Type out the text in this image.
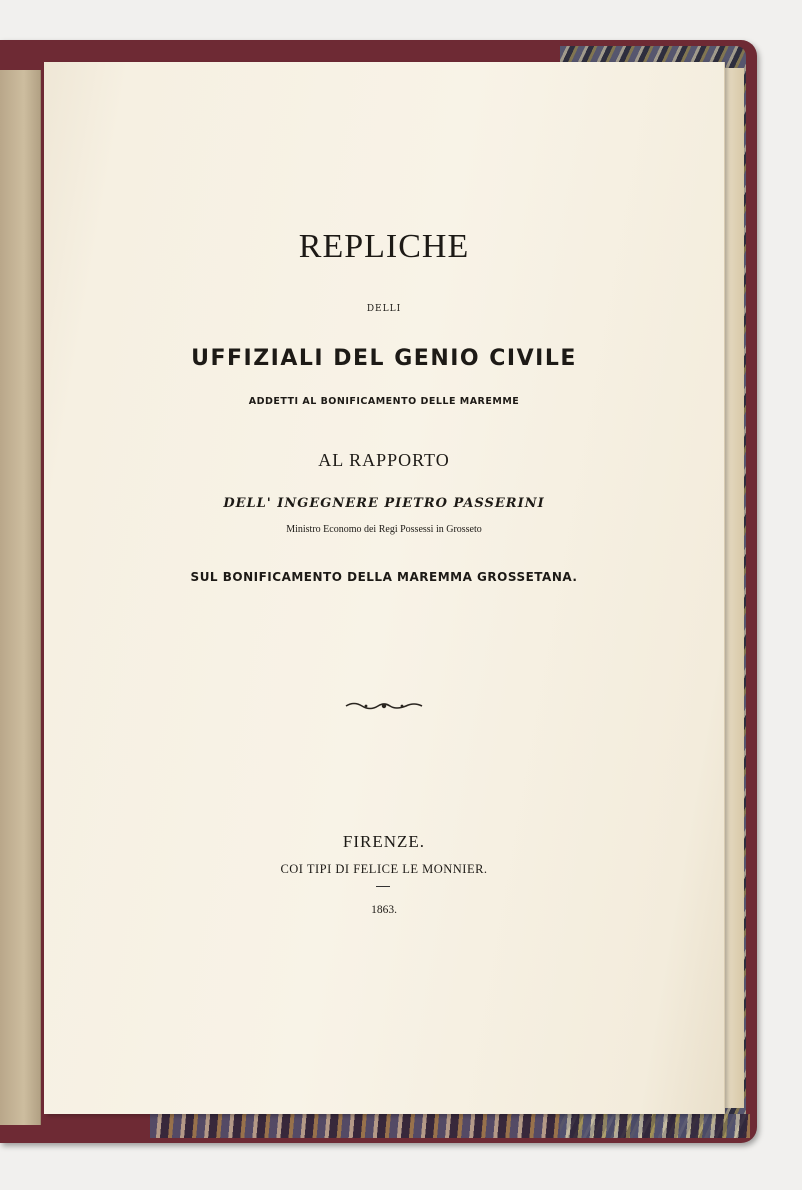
REPLICHE
DELLI
UFFIZIALI DEL GENIO CIVILE
ADDETTI AL BONIFICAMENTO DELLE MAREMME
AL RAPPORTO
DELL' INGEGNERE PIETRO PASSERINI
Ministro Economo dei Regi Possessi in Grosseto
SUL BONIFICAMENTO DELLA MAREMMA GROSSETANA.
FIRENZE.
COI TIPI DI FELICE LE MONNIER.
1863.
